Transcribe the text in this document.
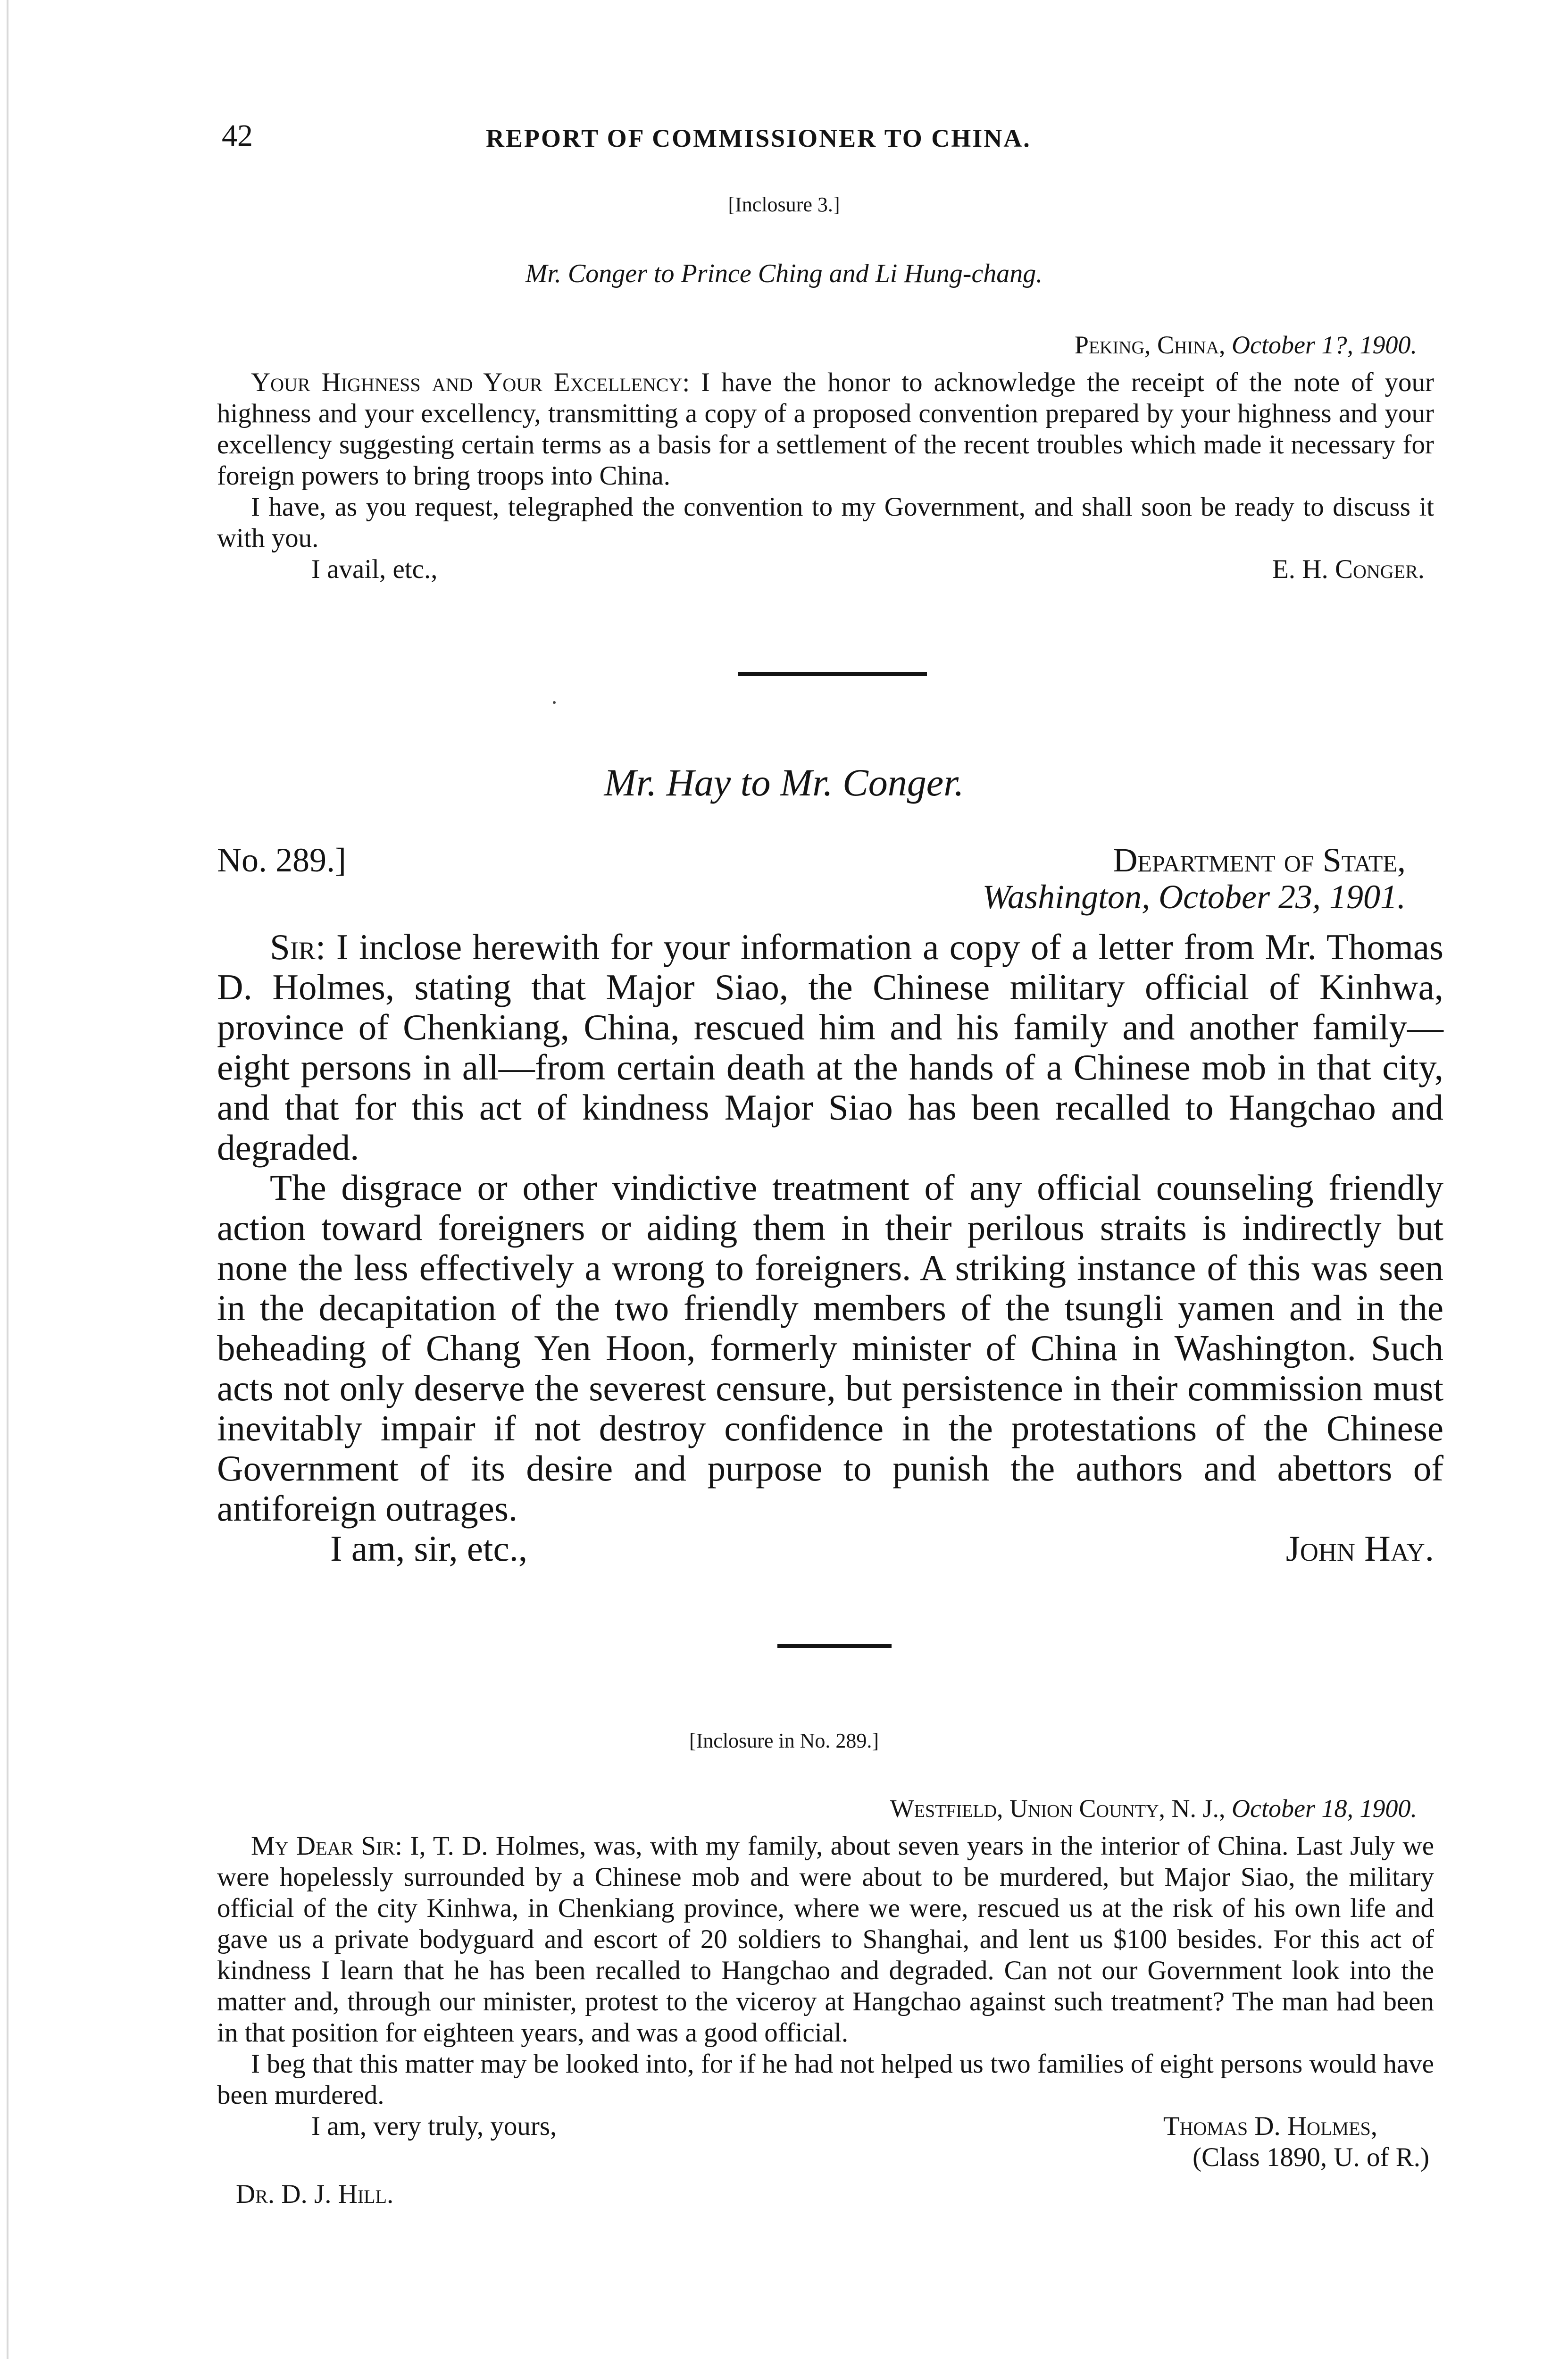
42	REPORT OF COMMISSIONER TO CHINA.
[Inclosure 3.]
Mr. Conger to Prince Ching and Li Hung-chang.
Peking, China, October 1?, 1900.

Your Highness and Your Excellency: I have the honor to acknowledge the receipt of the note of your highness and your excellency, transmitting a copy of a proposed convention prepared by your highness and your excellency suggesting certain terms as a basis for a settlement of the recent troubles which made it necessary for foreign powers to bring troops into China.

I have, as you request, telegraphed the convention to my Government, and shall soon be ready to discuss it with you.

I avail, etc.,	E. H. Conger.
Mr. Hay to Mr. Conger.
No. 289.]	Department of State,
Washington, October 23, 1901.

Sir: I inclose herewith for your information a copy of a letter from Mr. Thomas D. Holmes, stating that Major Siao, the Chinese military official of Kinhwa, province of Chenkiang, China, rescued him and his family and another family—eight persons in all—from certain death at the hands of a Chinese mob in that city, and that for this act of kindness Major Siao has been recalled to Hangchao and degraded.

The disgrace or other vindictive treatment of any official counseling friendly action toward foreigners or aiding them in their perilous straits is indirectly but none the less effectively a wrong to foreigners. A striking instance of this was seen in the decapitation of the two friendly members of the tsungli yamen and in the beheading of Chang Yen Hoon, formerly minister of China in Washington. Such acts not only deserve the severest censure, but persistence in their commission must inevitably impair if not destroy confidence in the protestations of the Chinese Government of its desire and purpose to punish the authors and abettors of antiforeign outrages.

I am, sir, etc.,	John Hay.
[Inclosure in No. 289.]
Westfield, Union County, N. J., October 18, 1900.

My Dear Sir: I, T. D. Holmes, was, with my family, about seven years in the interior of China. Last July we were hopelessly surrounded by a Chinese mob and were about to be murdered, but Major Siao, the military official of the city Kinhwa, in Chenkiang province, where we were, rescued us at the risk of his own life and gave us a private bodyguard and escort of 20 soldiers to Shanghai, and lent us $100 besides. For this act of kindness I learn that he has been recalled to Hangchao and degraded. Can not our Government look into the matter and, through our minister, protest to the viceroy at Hangchao against such treatment? The man had been in that position for eighteen years, and was a good official.

I beg that this matter may be looked into, for if he had not helped us two families of eight persons would have been murdered.

I am, very truly, yours,	Thomas D. Holmes,
(Class 1890, U. of R.)
Dr. D. J. Hill.
